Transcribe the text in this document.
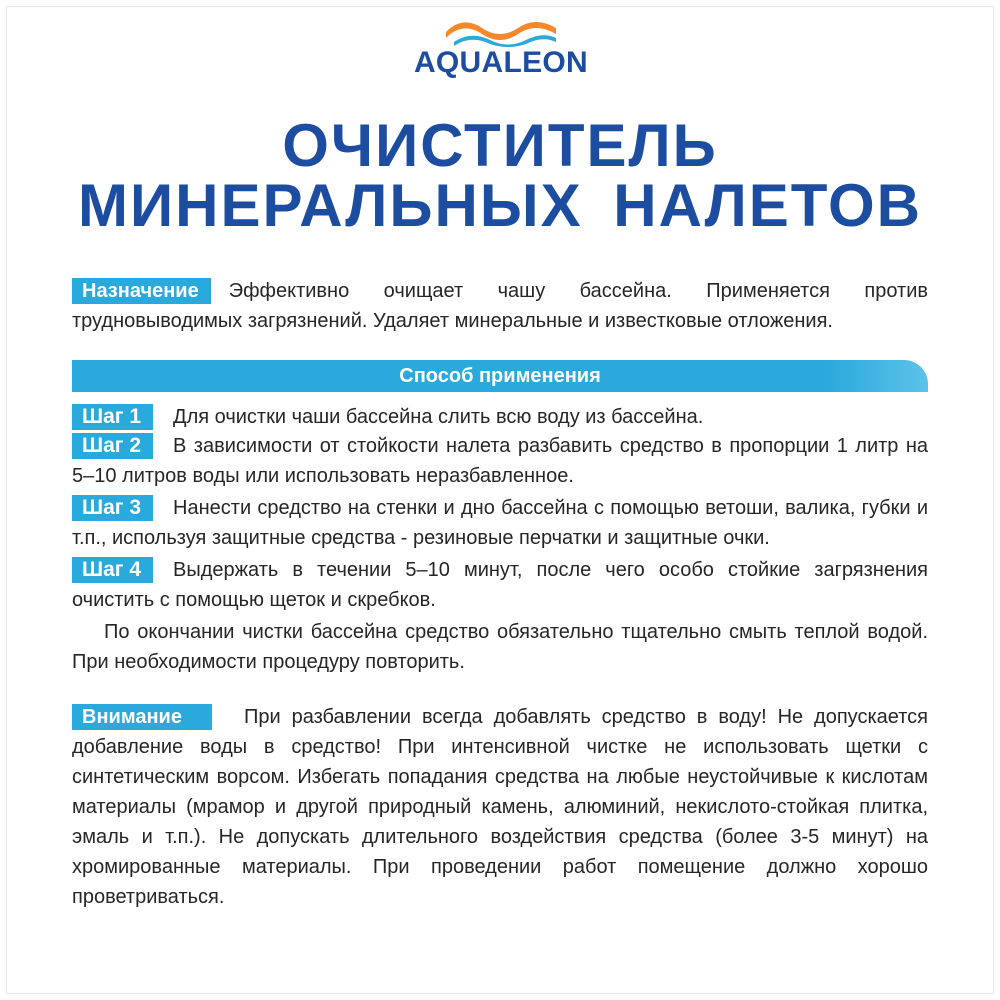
AQUALEON
ОЧИСТИТЕЛЬ
МИНЕРАЛЬНЫХ НАЛЕТОВ
Назначение Эффективно очищает чашу бассейна. Применяется против трудновыводимых загрязнений. Удаляет минеральные и известковые отложения.
Способ применения
Шаг 1 Для очистки чаши бассейна слить всю воду из бассейна.
Шаг 2 В зависимости от стойкости налета разбавить средство в пропорции 1 литр на 5–10 литров воды или использовать неразбавленное.
Шаг 3 Нанести средство на стенки и дно бассейна с помощью ветоши, валика, губки и т.п., используя защитные средства - резиновые перчатки и защитные очки.
Шаг 4 Выдержать в течении 5–10 минут, после чего особо стойкие загрязнения очистить с помощью щеток и скребков.
По окончании чистки бассейна средство обязательно тщательно смыть теплой водой. При необходимости процедуру повторить.
Внимание	При разбавлении всегда добавлять средство в воду! Не допускается добавление воды в средство! При интенсивной чистке не использовать щетки с синтетическим ворсом. Избегать попадания средства на любые неустойчивые к кислотам материалы (мрамор и другой природный камень, алюминий, некислото-стойкая плитка, эмаль и т.п.). Не допускать длительного воздействия средства (более 3-5 минут) на хромированные материалы. При проведении работ помещение должно хорошо проветриваться.
